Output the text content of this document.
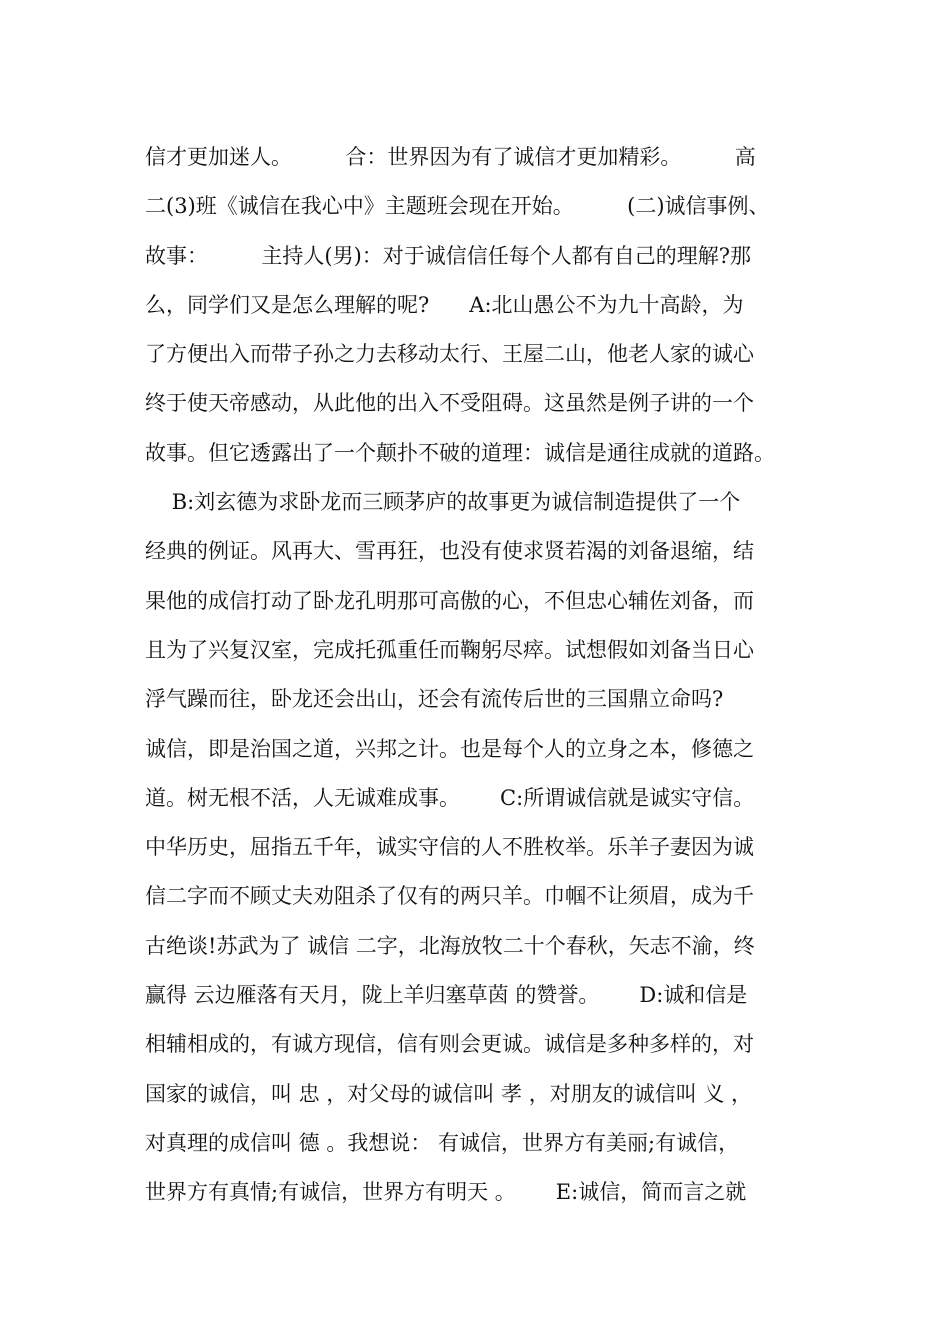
信才更加迷人。        合：世界因为有了诚信才更加精彩。        高
二(3)班《诚信在我心中》主题班会现在开始。        (二)诚信事例、
故事：        主持人(男)：对于诚信信任每个人都有自己的理解?那
么，同学们又是怎么理解的呢?      A:北山愚公不为九十高龄，为
了方便出入而带子孙之力去移动太行、王屋二山，他老人家的诚心
终于使天帝感动，从此他的出入不受阻碍。这虽然是例子讲的一个
故事。但它透露出了一个颠扑不破的道理：诚信是通往成就的道路。
B:刘玄德为求卧龙而三顾茅庐的故事更为诚信制造提供了一个
经典的例证。风再大、雪再狂，也没有使求贤若渴的刘备退缩，结
果他的成信打动了卧龙孔明那可高傲的心，不但忠心辅佐刘备，而
且为了兴复汉室，完成托孤重任而鞠躬尽瘁。试想假如刘备当日心
浮气躁而往，卧龙还会出山，还会有流传后世的三国鼎立命吗?
诚信，即是治国之道，兴邦之计。也是每个人的立身之本，修德之
道。树无根不活，人无诚难成事。      C:所谓诚信就是诚实守信。
中华历史，屈指五千年，诚实守信的人不胜枚举。乐羊子妻因为诚
信二字而不顾丈夫劝阻杀了仅有的两只羊。巾帼不让须眉，成为千
古绝谈!苏武为了 诚信 二字，北海放牧二十个春秋，矢志不渝，终
赢得 云边雁落有天月，陇上羊归塞草茵 的赞誉。      D:诚和信是
相辅相成的，有诚方现信，信有则会更诚。诚信是多种多样的，对
国家的诚信，叫 忠 ，对父母的诚信叫 孝 ，对朋友的诚信叫 义 ，
对真理的成信叫 德 。我想说： 有诚信，世界方有美丽;有诚信，
世界方有真情;有诚信，世界方有明天 。      E:诚信，简而言之就
